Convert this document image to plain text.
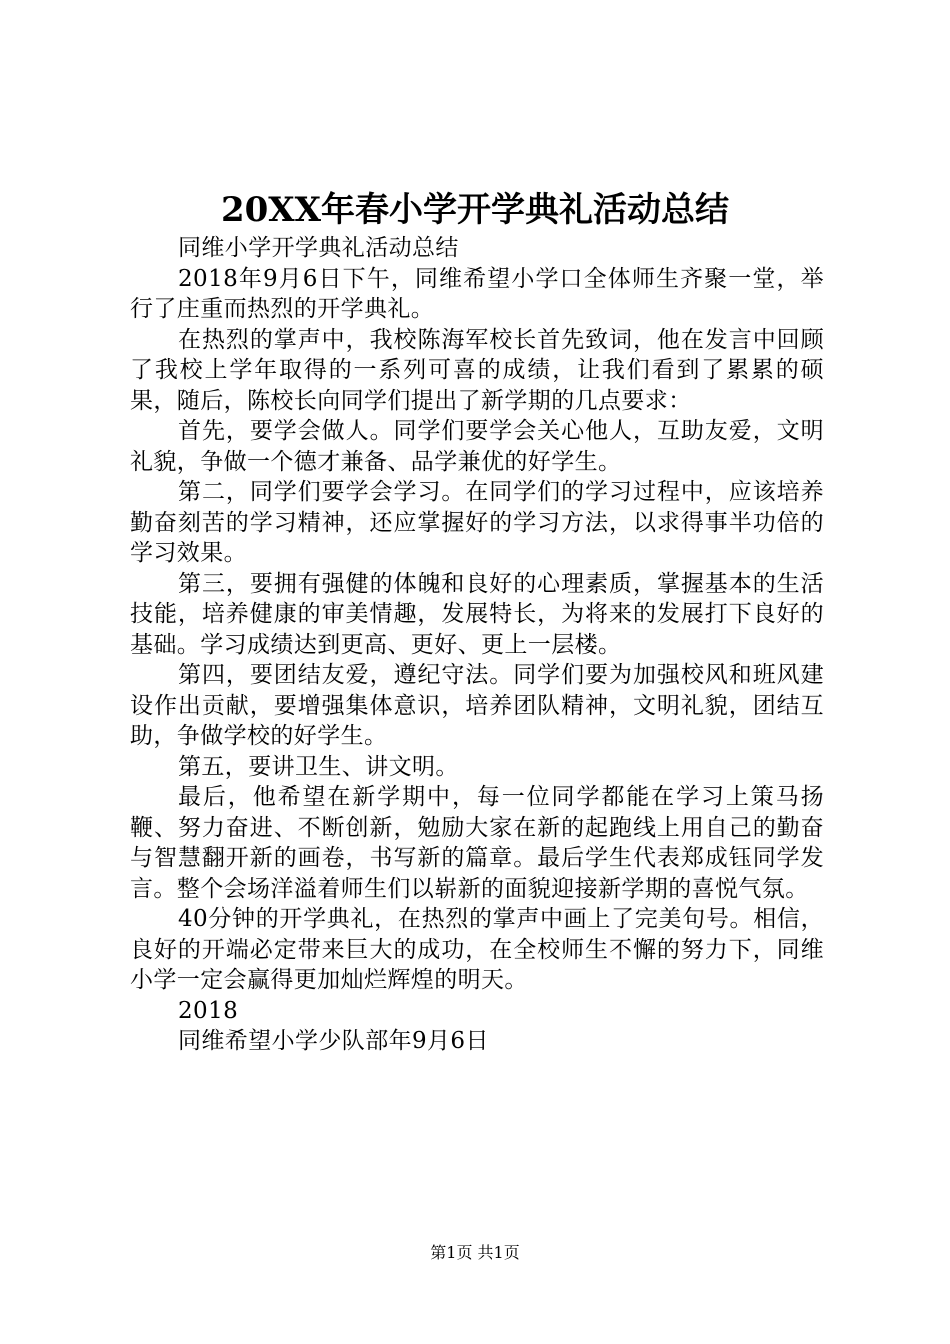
20XX年春小学开学典礼活动总结

同维小学开学典礼活动总结

2018年9月6日下午，同维希望小学口全体师生齐聚一堂，举行了庄重而热烈的开学典礼。

在热烈的掌声中，我校陈海军校长首先致词，他在发言中回顾了我校上学年取得的一系列可喜的成绩，让我们看到了累累的硕果，随后，陈校长向同学们提出了新学期的几点要求：

首先，要学会做人。同学们要学会关心他人，互助友爱，文明礼貌，争做一个德才兼备、品学兼优的好学生。

第二，同学们要学会学习。在同学们的学习过程中，应该培养勤奋刻苦的学习精神，还应掌握好的学习方法，以求得事半功倍的学习效果。

第三，要拥有强健的体魄和良好的心理素质，掌握基本的生活技能，培养健康的审美情趣，发展特长，为将来的发展打下良好的基础。学习成绩达到更高、更好、更上一层楼。

第四，要团结友爱，遵纪守法。同学们要为加强校风和班风建设作出贡献，要增强集体意识，培养团队精神，文明礼貌，团结互助，争做学校的好学生。

第五，要讲卫生、讲文明。

最后，他希望在新学期中，每一位同学都能在学习上策马扬鞭、努力奋进、不断创新，勉励大家在新的起跑线上用自己的勤奋与智慧翻开新的画卷，书写新的篇章。最后学生代表郑成钰同学发言。整个会场洋溢着师生们以崭新的面貌迎接新学期的喜悦气氛。

40分钟的开学典礼，在热烈的掌声中画上了完美句号。相信，良好的开端必定带来巨大的成功，在全校师生不懈的努力下，同维小学一定会赢得更加灿烂辉煌的明天。

2018

同维希望小学少队部年9月6日

第1页 共1页
